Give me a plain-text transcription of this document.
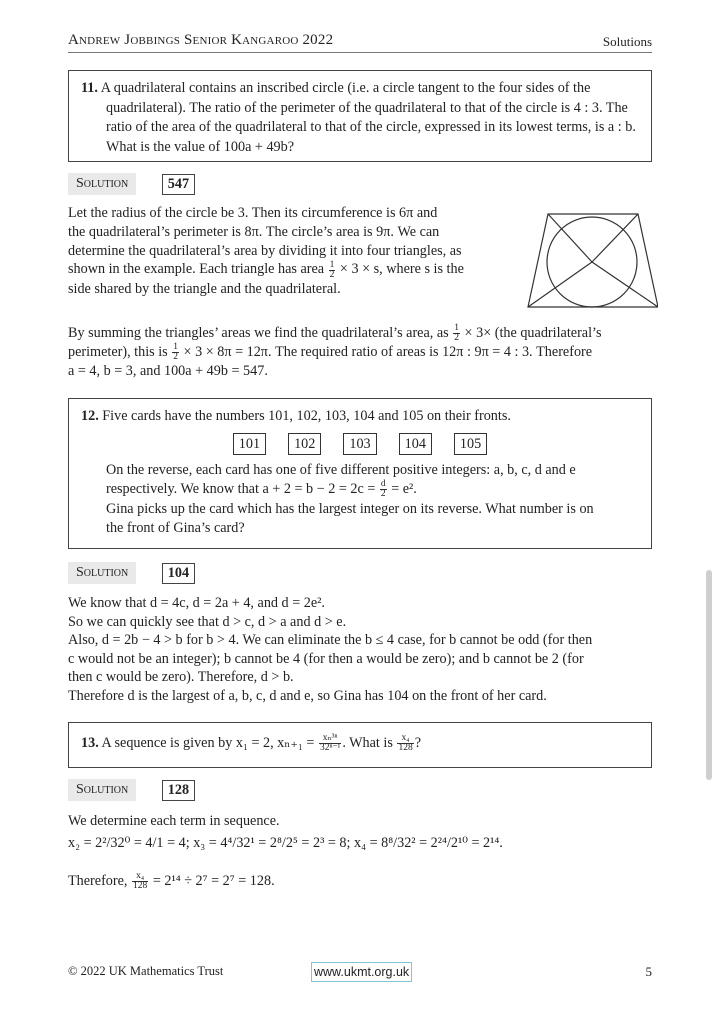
Andrew Jobbings Senior Kangaroo 2022	Solutions
11. A quadrilateral contains an inscribed circle (i.e. a circle tangent to the four sides of the quadrilateral). The ratio of the perimeter of the quadrilateral to that of the circle is 4 : 3. The ratio of the area of the quadrilateral to that of the circle, expressed in its lowest terms, is a : b. What is the value of 100a + 49b?
Solution	547
Let the radius of the circle be 3. Then its circumference is 6π and
the quadrilateral’s perimeter is 8π. The circle’s area is 9π. We can
determine the quadrilateral’s area by dividing it into four triangles, as
shown in the example. Each triangle has area $\frac{1}{2} \times 3 \times s$, where s is the
side shared by the triangle and the quadrilateral.
By summing the triangles’ areas we find the quadrilateral’s area, as $\frac{1}{2} \times 3\times (the$ quadrilateral’s
perimeter), this is $\frac{1}{2} \times 3 \times 8\pi = 12\pi$. The required ratio of areas is 12π : 9π = 4 : 3. Therefore
a = 4, b = 3, and 100a + 49b = 547.
12. Five cards have the numbers 101, 102, 103, 104 and 105 on their fronts.
101 102 103 104 105
On the reverse, each card has one of five different positive integers: a, b, c, d and e
respectively. We know that $a + 2 = b - 2 = 2c = \frac{d}{2} = e^2$.
Gina picks up the card which has the largest integer on its reverse. What number is on
the front of Gina’s card?
Solution	104
We know that d = 4c, d = 2a + 4, and d = 2e².
So we can quickly see that d > c, d > a and d > e.
Also, d = 2b − 4 > b for b > 4. We can eliminate the b ≤ 4 case, for b cannot be odd (for then
c would not be an integer); b cannot be 4 (for then a would be zero); and b cannot be 2 (for
then c would be zero). Therefore, d > b.
Therefore d is the largest of a, b, c, d and e, so Gina has 104 on the front of her card.
13. A sequence is given by x₁ = 2, $x_{n+1} = \frac{\text{xₙ³ⁿ}}{\text{32ⁿ⁻¹}}$ . What is $\frac{\text{x₄}}{128}$ ?
Solution	128
We determine each term in sequence.
x₂ = 2²/32⁰ = 4/1 = 4; x₃ = 4⁴/32¹ = 2⁸/2⁵ = 2³ = 8; x₄ = 8⁸/32² = 2²⁴/2¹⁰ = 2¹⁴.
Therefore, $\frac{\text{x₄}}{128} = 2^{14} \div 2^7 = 2^7 = 128$.
© 2022 UK Mathematics Trust	www.ukmt.org.uk	5
